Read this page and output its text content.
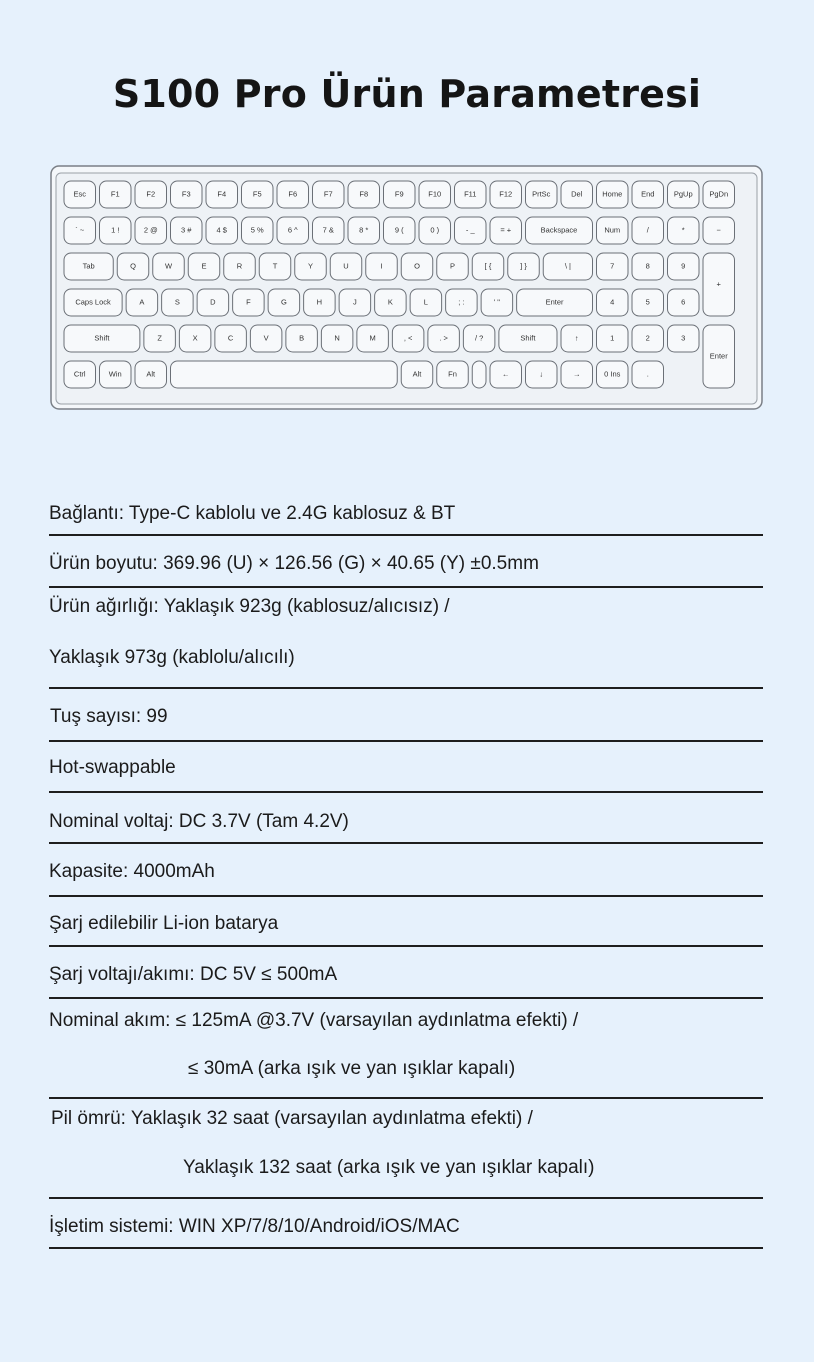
S100 Pro Ürün Parametresi
Esc	F1	F2	F3	F4	F5	F6	F7	F8	F9	F10	F11	F12	PrtSc	Del	Home	End	PgUp PgDn
` ~	1 !	2 @	3 #	4 $	5 %	6 ^	7 &	8 *	9 (	0 )	- _	= +	Backspace	Num	/	*	−
Tab	Q	W	E	R	T	Y	U	I	O	P	[ {	] }	\ |	7	8	9
+
Caps Lock	A	S	D	F	G	H	J	K	L	; :	' "	Enter	4	5	6
Shift	Z	X	C	V	B	N	M	, <	. >	/ ?	Shift	↑	1	2	3
Enter
Ctrl	Win	Alt	Alt	Fn	←	↓	→	0 Ins	.
Bağlantı: Type-C kablolu ve 2.4G kablosuz & BT
Ürün boyutu: 369.96 (U) × 126.56 (G) × 40.65 (Y) ±0.5mm
Ürün ağırlığı: Yaklaşık 923g (kablosuz/alıcısız) /
Yaklaşık 973g (kablolu/alıcılı)
Tuş sayısı: 99
Hot-swappable
Nominal voltaj: DC 3.7V (Tam 4.2V)
Kapasite: 4000mAh
Şarj edilebilir Li-ion batarya
Şarj voltajı/akımı: DC 5V ≤ 500mA
Nominal akım: ≤ 125mA @3.7V (varsayılan aydınlatma efekti) /
≤ 30mA (arka ışık ve yan ışıklar kapalı)
Pil ömrü: Yaklaşık 32 saat (varsayılan aydınlatma efekti) /
Yaklaşık 132 saat (arka ışık ve yan ışıklar kapalı)
İşletim sistemi: WIN XP/7/8/10/Android/iOS/MAC
